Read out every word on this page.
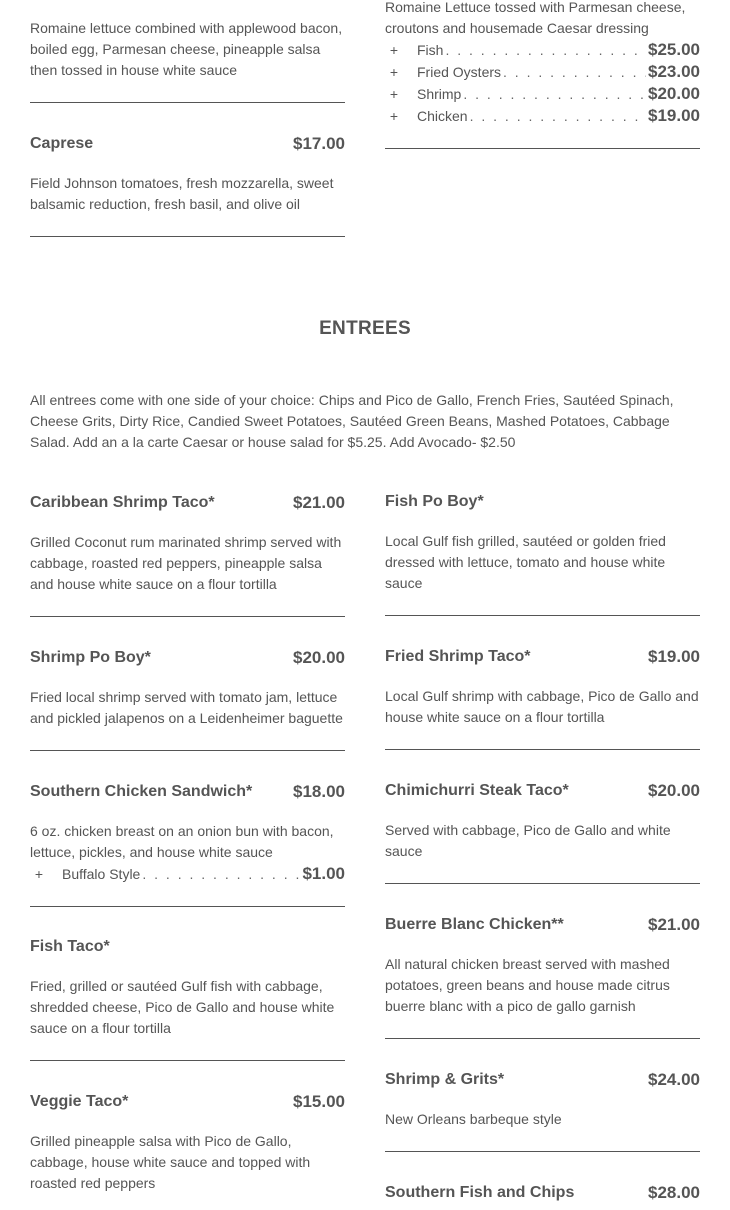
Romaine lettuce combined with applewood bacon, boiled egg, Parmesan cheese, pineapple salsa then tossed in house white sauce
Caprese	$17.00
Field Johnson tomatoes, fresh mozzarella, sweet balsamic reduction, fresh basil, and olive oil
Romaine Lettuce tossed with Parmesan cheese, croutons and housemade Caesar dressing
+	Fish . . .	$25.00
+	Fried Oysters . . .	$23.00
+	Shrimp . . .	$20.00
+	Chicken . . .	$19.00
ENTREES
All entrees come with one side of your choice: Chips and Pico de Gallo, French Fries, Sautéed Spinach, Cheese Grits, Dirty Rice, Candied Sweet Potatoes, Sautéed Green Beans, Mashed Potatoes, Cabbage Salad. Add an a la carte Caesar or house salad for $5.25. Add Avocado- $2.50
Caribbean Shrimp Taco*	$21.00
Grilled Coconut rum marinated shrimp served with cabbage, roasted red peppers, pineapple salsa and house white sauce on a flour tortilla
Shrimp Po Boy*	$20.00
Fried local shrimp served with tomato jam, lettuce and pickled jalapenos on a Leidenheimer baguette
Southern Chicken Sandwich*	$18.00
6 oz. chicken breast on an onion bun with bacon, lettuce, pickles, and house white sauce
+	Buffalo Style . . .	$1.00
Fish Taco*
Fried, grilled or sautéed Gulf fish with cabbage, shredded cheese, Pico de Gallo and house white sauce on a flour tortilla
Veggie Taco*	$15.00
Grilled pineapple salsa with Pico de Gallo, cabbage, house white sauce and topped with roasted red peppers
Fish Po Boy*
Local Gulf fish grilled, sautéed or golden fried dressed with lettuce, tomato and house white sauce
Fried Shrimp Taco*	$19.00
Local Gulf shrimp with cabbage, Pico de Gallo and house white sauce on a flour tortilla
Chimichurri Steak Taco*	$20.00
Served with cabbage, Pico de Gallo and white sauce
Buerre Blanc Chicken**	$21.00
All natural chicken breast served with mashed potatoes, green beans and house made citrus buerre blanc with a pico de gallo garnish
Shrimp & Grits*	$24.00
New Orleans barbeque style
Southern Fish and Chips	$28.00
